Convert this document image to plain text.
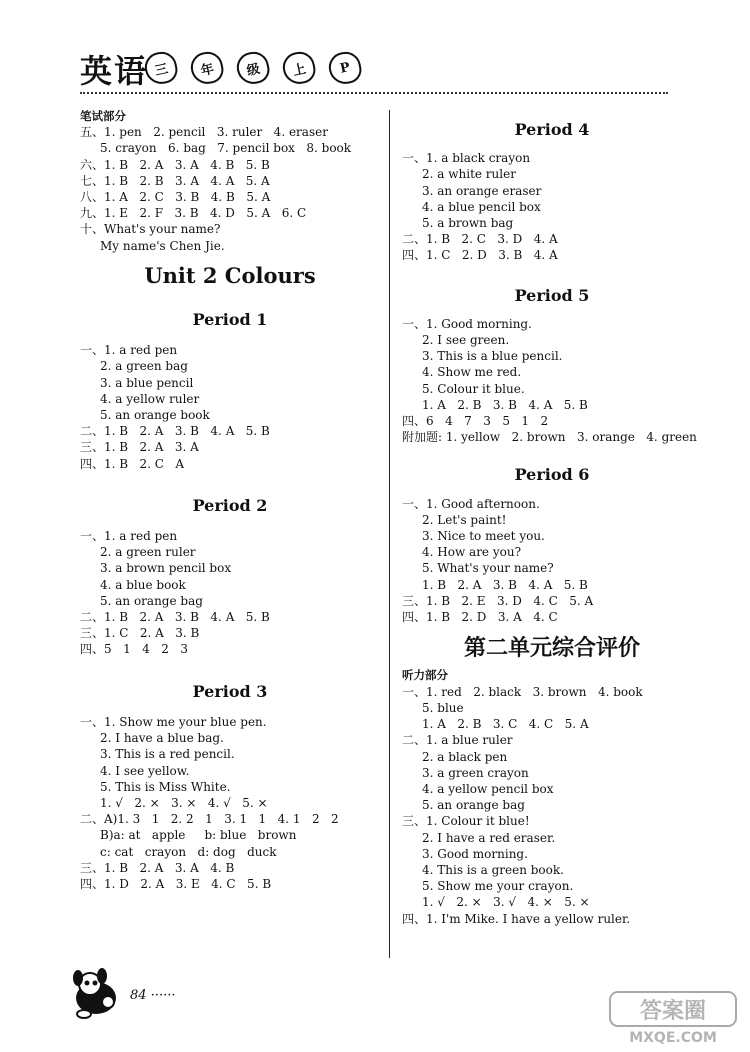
英语 三	年	级	上	P
笔试部分
五、1. pen   2. pencil   3. ruler   4. eraser
5. crayon   6. bag   7. pencil box   8. book
六、1. B   2. A   3. A   4. B   5. B
七、1. B   2. B   3. A   4. A   5. A
八、1. A   2. C   3. B   4. B   5. A
九、1. E   2. F   3. B   4. D   5. A   6. C
十、What's your name?
My name's Chen Jie.
Unit 2 Colours
Period 1
一、1. a red pen
2. a green bag
3. a blue pencil
4. a yellow ruler
5. an orange book
二、1. B   2. A   3. B   4. A   5. B
三、1. B   2. A   3. A
四、1. B   2. C   A
Period 2
一、1. a red pen
2. a green ruler
3. a brown pencil box
4. a blue book
5. an orange bag
二、1. B   2. A   3. B   4. A   5. B
三、1. C   2. A   3. B
四、5   1   4   2   3
Period 3
一、1. Show me your blue pen.
2. I have a blue bag.
3. This is a red pencil.
4. I see yellow.
5. This is Miss White.
1. √   2. ×   3. ×   4. √   5. ×
二、A)1. 3   1   2. 2   1   3. 1   1   4. 1   2   2
B)a: at   apple     b: blue   brown
c: cat   crayon   d: dog   duck
三、1. B   2. A   3. A   4. B
四、1. D   2. A   3. E   4. C   5. B
Period 4
一、1. a black crayon
2. a white ruler
3. an orange eraser
4. a blue pencil box
5. a brown bag
二、1. B   2. C   3. D   4. A
四、1. C   2. D   3. B   4. A
Period 5
一、1. Good morning.
2. I see green.
3. This is a blue pencil.
4. Show me red.
5. Colour it blue.
1. A   2. B   3. B   4. A   5. B
四、6   4   7   3   5   1   2
附加题: 1. yellow   2. brown   3. orange   4. green
Period 6
一、1. Good afternoon.
2. Let's paint!
3. Nice to meet you.
4. How are you?
5. What's your name?
1. B   2. A   3. B   4. A   5. B
三、1. B   2. E   3. D   4. C   5. A
四、1. B   2. D   3. A   4. C
第二单元综合评价
听力部分
一、1. red   2. black   3. brown   4. book
5. blue
1. A   2. B   3. C   4. C   5. A
二、1. a blue ruler
2. a black pen
3. a green crayon
4. a yellow pencil box
5. an orange bag
三、1. Colour it blue!
2. I have a red eraser.
3. Good morning.
4. This is a green book.
5. Show me your crayon.
1. √   2. ×   3. √   4. ×   5. ×
四、1. I'm Mike. I have a yellow ruler.
84 ······
答案圈
MXQE.COM
